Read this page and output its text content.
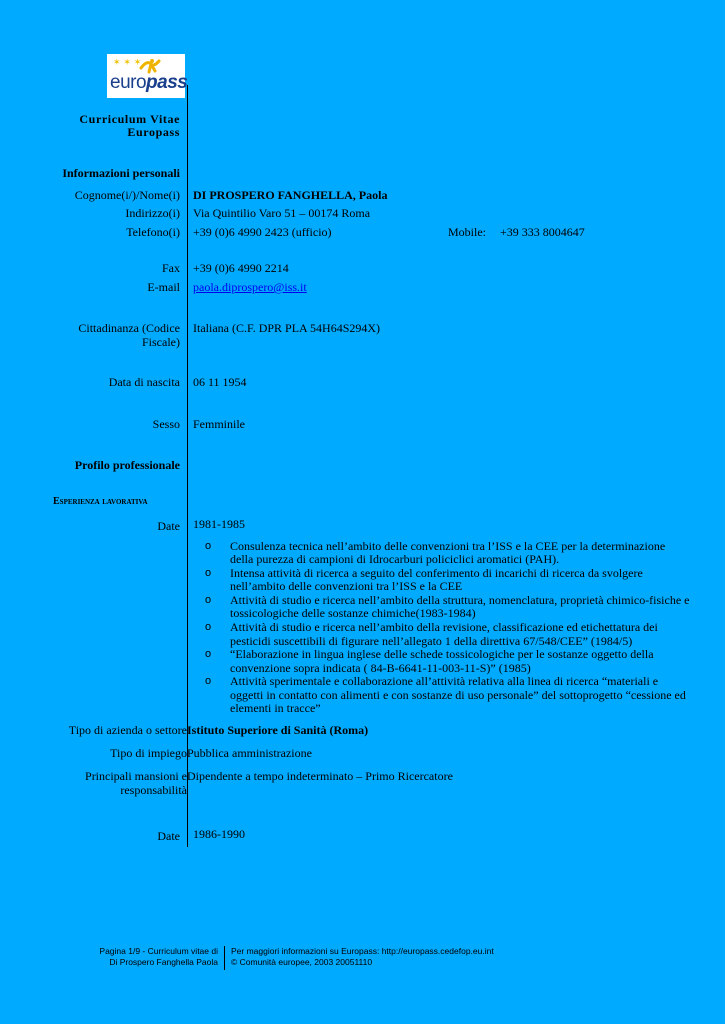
✶ ✶ ✶
europass
Curriculum Vitae
Europass
Informazioni personali
Cognome(i/)/Nome(i) DI PROSPERO FANGHELLA, Paola
Indirizzo(i) Via Quintilio Varo 51 – 00174 Roma
Telefono(i) +39 (0)6 4990 2423 (ufficio)	Mobile: +39 333 8004647
Fax +39 (0)6 4990 2214
E-mail paola.diprospero@iss.it
Cittadinanza (Codice Fiscale)
Italiana (C.F. DPR PLA 54H64S294X)
Data di nascita 06 11 1954
Sesso Femminile
Profilo professionale
Esperienza lavorativa
Date 1981-1985
o Consulenza tecnica nell’ambito delle convenzioni tra l’ISS e la CEE per la determinazione della purezza di campioni di Idrocarburi policiclici aromatici (PAH).
o Intensa attività di ricerca a seguito del conferimento di incarichi di ricerca da svolgere nell’ambito delle convenzioni tra l’ISS e la CEE
o Attività di studio e ricerca nell’ambito della struttura, nomenclatura, proprietà chimico-fisiche e tossicologiche delle sostanze chimiche(1983-1984)
o Attività di studio e ricerca nell’ambito della revisione, classificazione ed etichettatura dei pesticidi suscettibili di figurare nell’allegato 1 della direttiva 67/548/CEE” (1984/5)
o “Elaborazione in lingua inglese delle schede tossicologiche per le sostanze oggetto della convenzione sopra indicata ( 84-B-6641-11-003-11-S)” (1985)
o Attività sperimentale e collaborazione all’attività relativa alla linea di ricerca “materiali e oggetti in contatto con alimenti e con sostanze di uso personale” del sottoprogetto “cessione ed elementi in tracce”
Tipo di azienda o settore Istituto Superiore di Sanità (Roma)
Tipo di impiego Pubblica amministrazione
Principali mansioni e responsabilità
Dipendente a tempo indeterminato – Primo Ricercatore
Date 1986-1990
Pagina 1/9 - Curriculum vitae di
Di Prospero Fanghella Paola
Per maggiori informazioni su Europass: http://europass.cedefop.eu.int
© Comunità europee, 2003 20051110
